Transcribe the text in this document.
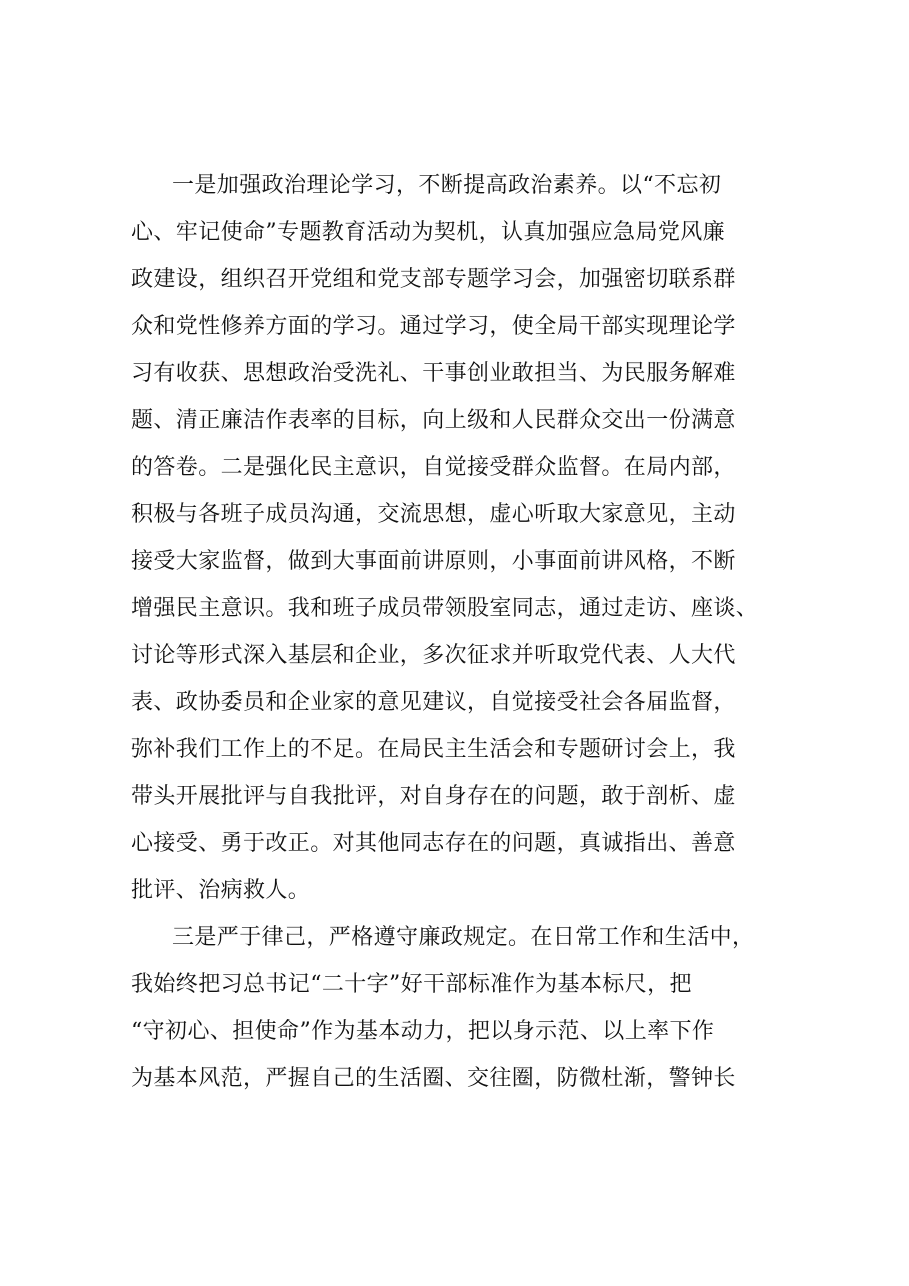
一是加强政治理论学习，不断提高政治素养。以“不忘初

心、牢记使命”专题教育活动为契机，认真加强应急局党风廉

政建设，组织召开党组和党支部专题学习会，加强密切联系群

众和党性修养方面的学习。通过学习，使全局干部实现理论学

习有收获、思想政治受洗礼、干事创业敢担当、为民服务解难

题、清正廉洁作表率的目标，向上级和人民群众交出一份满意

的答卷。二是强化民主意识，自觉接受群众监督。在局内部，

积极与各班子成员沟通，交流思想，虚心听取大家意见，主动

接受大家监督，做到大事面前讲原则，小事面前讲风格，不断

增强民主意识。我和班子成员带领股室同志，通过走访、座谈、

讨论等形式深入基层和企业，多次征求并听取党代表、人大代

表、政协委员和企业家的意见建议，自觉接受社会各届监督，

弥补我们工作上的不足。在局民主生活会和专题研讨会上，我

带头开展批评与自我批评，对自身存在的问题，敢于剖析、虚

心接受、勇于改正。对其他同志存在的问题，真诚指出、善意

批评、治病救人。

三是严于律己，严格遵守廉政规定。在日常工作和生活中，

我始终把习总书记“二十字”好干部标准作为基本标尺，把

“守初心、担使命”作为基本动力，把以身示范、以上率下作

为基本风范，严握自己的生活圈、交往圈，防微杜渐，警钟长
